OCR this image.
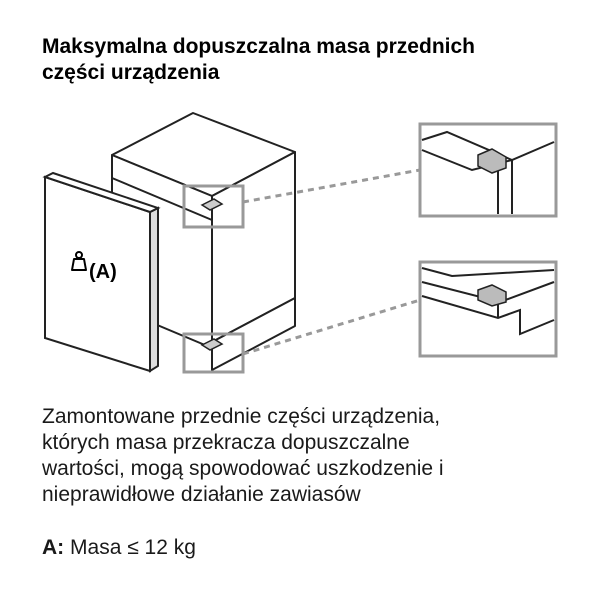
Maksymalna dopuszczalna masa przednich
części urządzenia
(A)
Zamontowane przednie części urządzenia,
których masa przekracza dopuszczalne
wartości, mogą spowodować uszkodzenie i
nieprawidłowe działanie zawiasów
A: Masa ≤ 12 kg
